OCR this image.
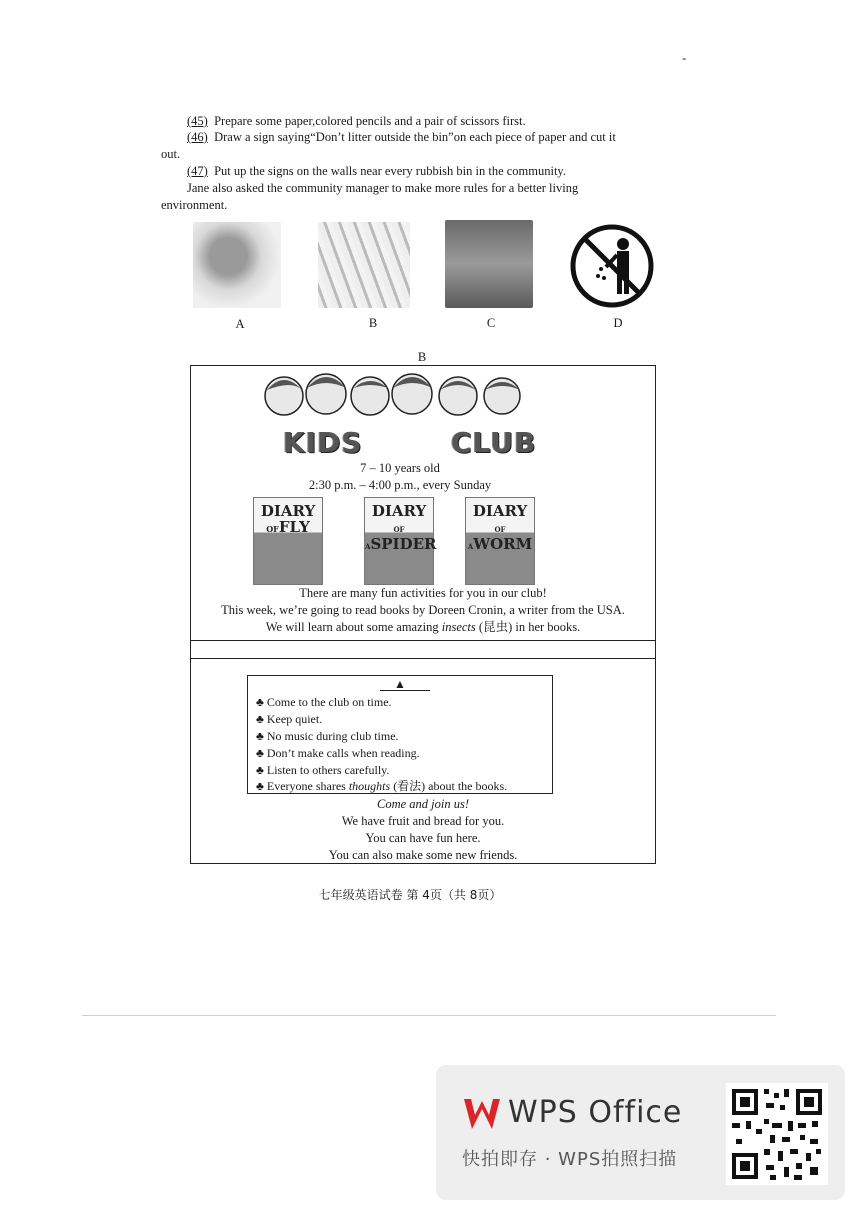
-
(45) Prepare some paper,colored pencils and a pair of scissors first.
(46) Draw a sign saying“Don’t litter outside the bin”on each piece of paper and cut it
out.
(47) Put up the signs on the walls near every rubbish bin in the community.
Jane also asked the community manager to make more rules for a better living
environment.
A	B	C	D
B
KIDS	CLUB
7 – 10 years old
2:30 p.m. – 4:00 p.m., every Sunday
DIARY
OFFLY
DIARY
OF ASPIDER
DIARY
OF AWORM
There are many fun activities for you in our club!
This week, we’re going to read books by Doreen Cronin, a writer from the USA.
We will learn about some amazing insects (昆虫) in her books.
▲
♣ Come to the club on time.
♣ Keep quiet.
♣ No music during club time.
♣ Don’t make calls when reading.
♣ Listen to others carefully.
♣ Everyone shares thoughts (看法) about the books.
Come and join us!
We have fruit and bread for you.
You can have fun here.
You can also make some new friends.
七年级英语试卷 第 4页（共 8页）
WPS Office
快拍即存 · WPS拍照扫描
